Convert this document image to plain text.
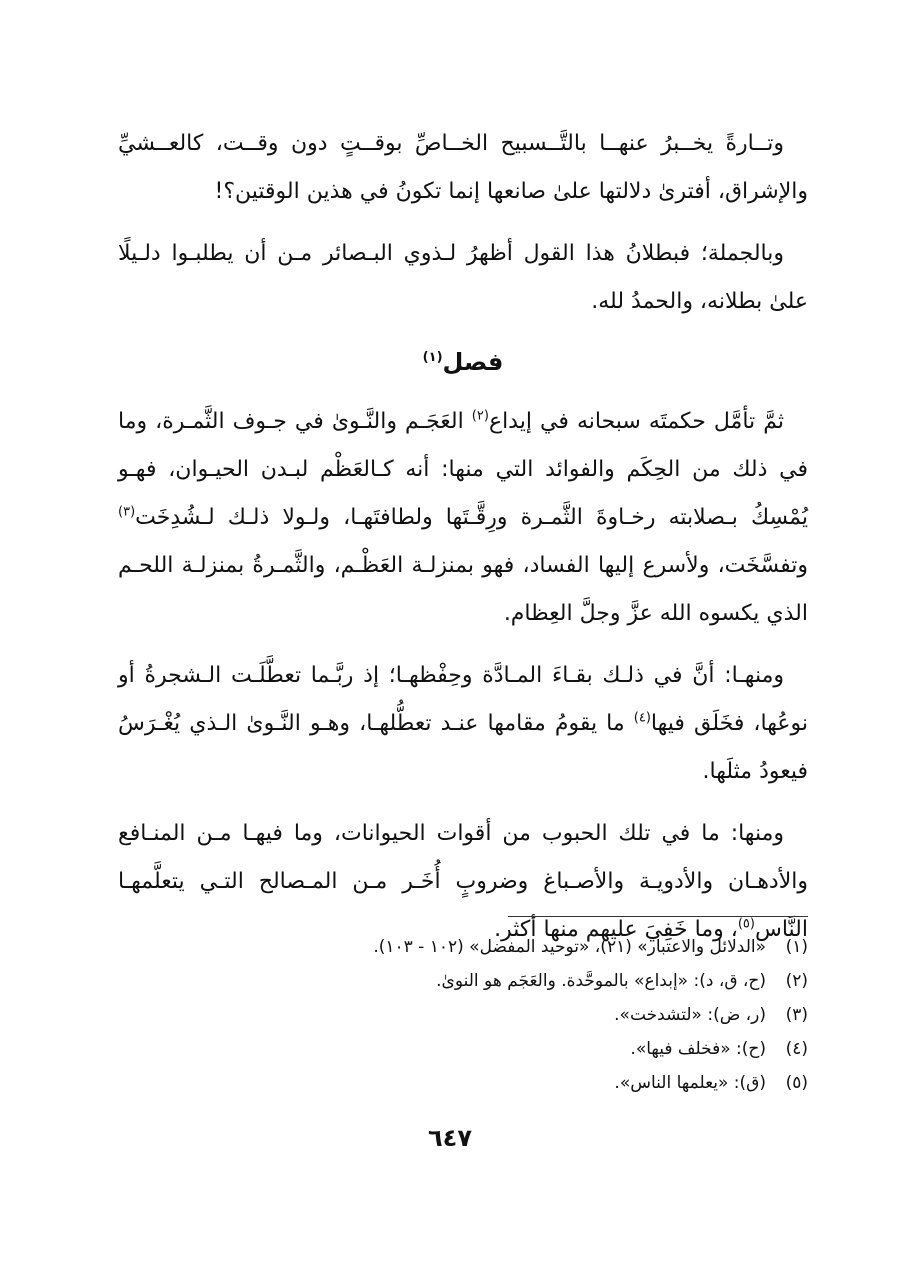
وتــارةً يخــبرُ عنهــا بالتَّــسبيح الخــاصِّ بوقــتٍ دون وقــت، كالعــشيِّ والإشراق، أفترىٰ دلالتها علىٰ صانعها إنما تكونُ في هذين الوقتين؟!

وبالجملة؛ فبطلانُ هذا القول أظهرُ لـذوي البـصائر مـن أن يطلبـوا دلـيلًا علىٰ بطلانه، والحمدُ لله.

فصل$^{(١)}$

ثمَّ تأمَّل حكمتَه سبحانه في إيداع$^{(٢)}$ العَجَـم والنَّـوىٰ في جـوف الثَّمـرة، وما في ذلك من الحِكَم والفوائد التي منها: أنه كـالعَظْم لبـدن الحيـوان، فهـو يُمْسِكُ بـصلابته رخـاوةَ الثَّمـرة ورِقَّـتَها ولطافتَهـا، ولـولا ذلـك لـشُدِخَت$^{(٣)}$ وتفسَّخَت، ولأسرع إليها الفساد، فهو بمنزلـة العَظْـم، والثَّمـرةُ بمنزلـة اللحـم الذي يكسوه الله عزَّ وجلَّ العِظام.

ومنهـا: أنَّ في ذلـك بقـاءَ المـادَّة وحِفْظهـا؛ إذ ربَّـما تعطَّلَـت الـشجرةُ أو نوعُها، فخَلَق فيها$^{(٤)}$ ما يقومُ مقامها عنـد تعطُّلهـا، وهـو النَّـوىٰ الـذي يُغْـرَسُ فيعودُ مثلَها.

ومنها: ما في تلك الحبوب من أقوات الحيوانات، وما فيهـا مـن المنـافع والأدهـان والأدويـة والأصـباغ وضروبٍ أُخَـر مـن المـصالح التـي يتعلَّمهـا النَّاس$^{(٥)}$، وما خَفِيَ عليهم منها أكثر.

(١)«الدلائل والاعتبار» (٢١)، «توحيد المفضل» (١٠٢ - ١٠٣).
(٢)(ح، ق، د): «إبداع» بالموحَّدة. والعَجَم هو النوىٰ.
(٣)(ر، ض): «لتشدخت».
(٤)(ح): «فخلف فيها».
(٥)(ق): «يعلمها الناس».
٦٤٧
